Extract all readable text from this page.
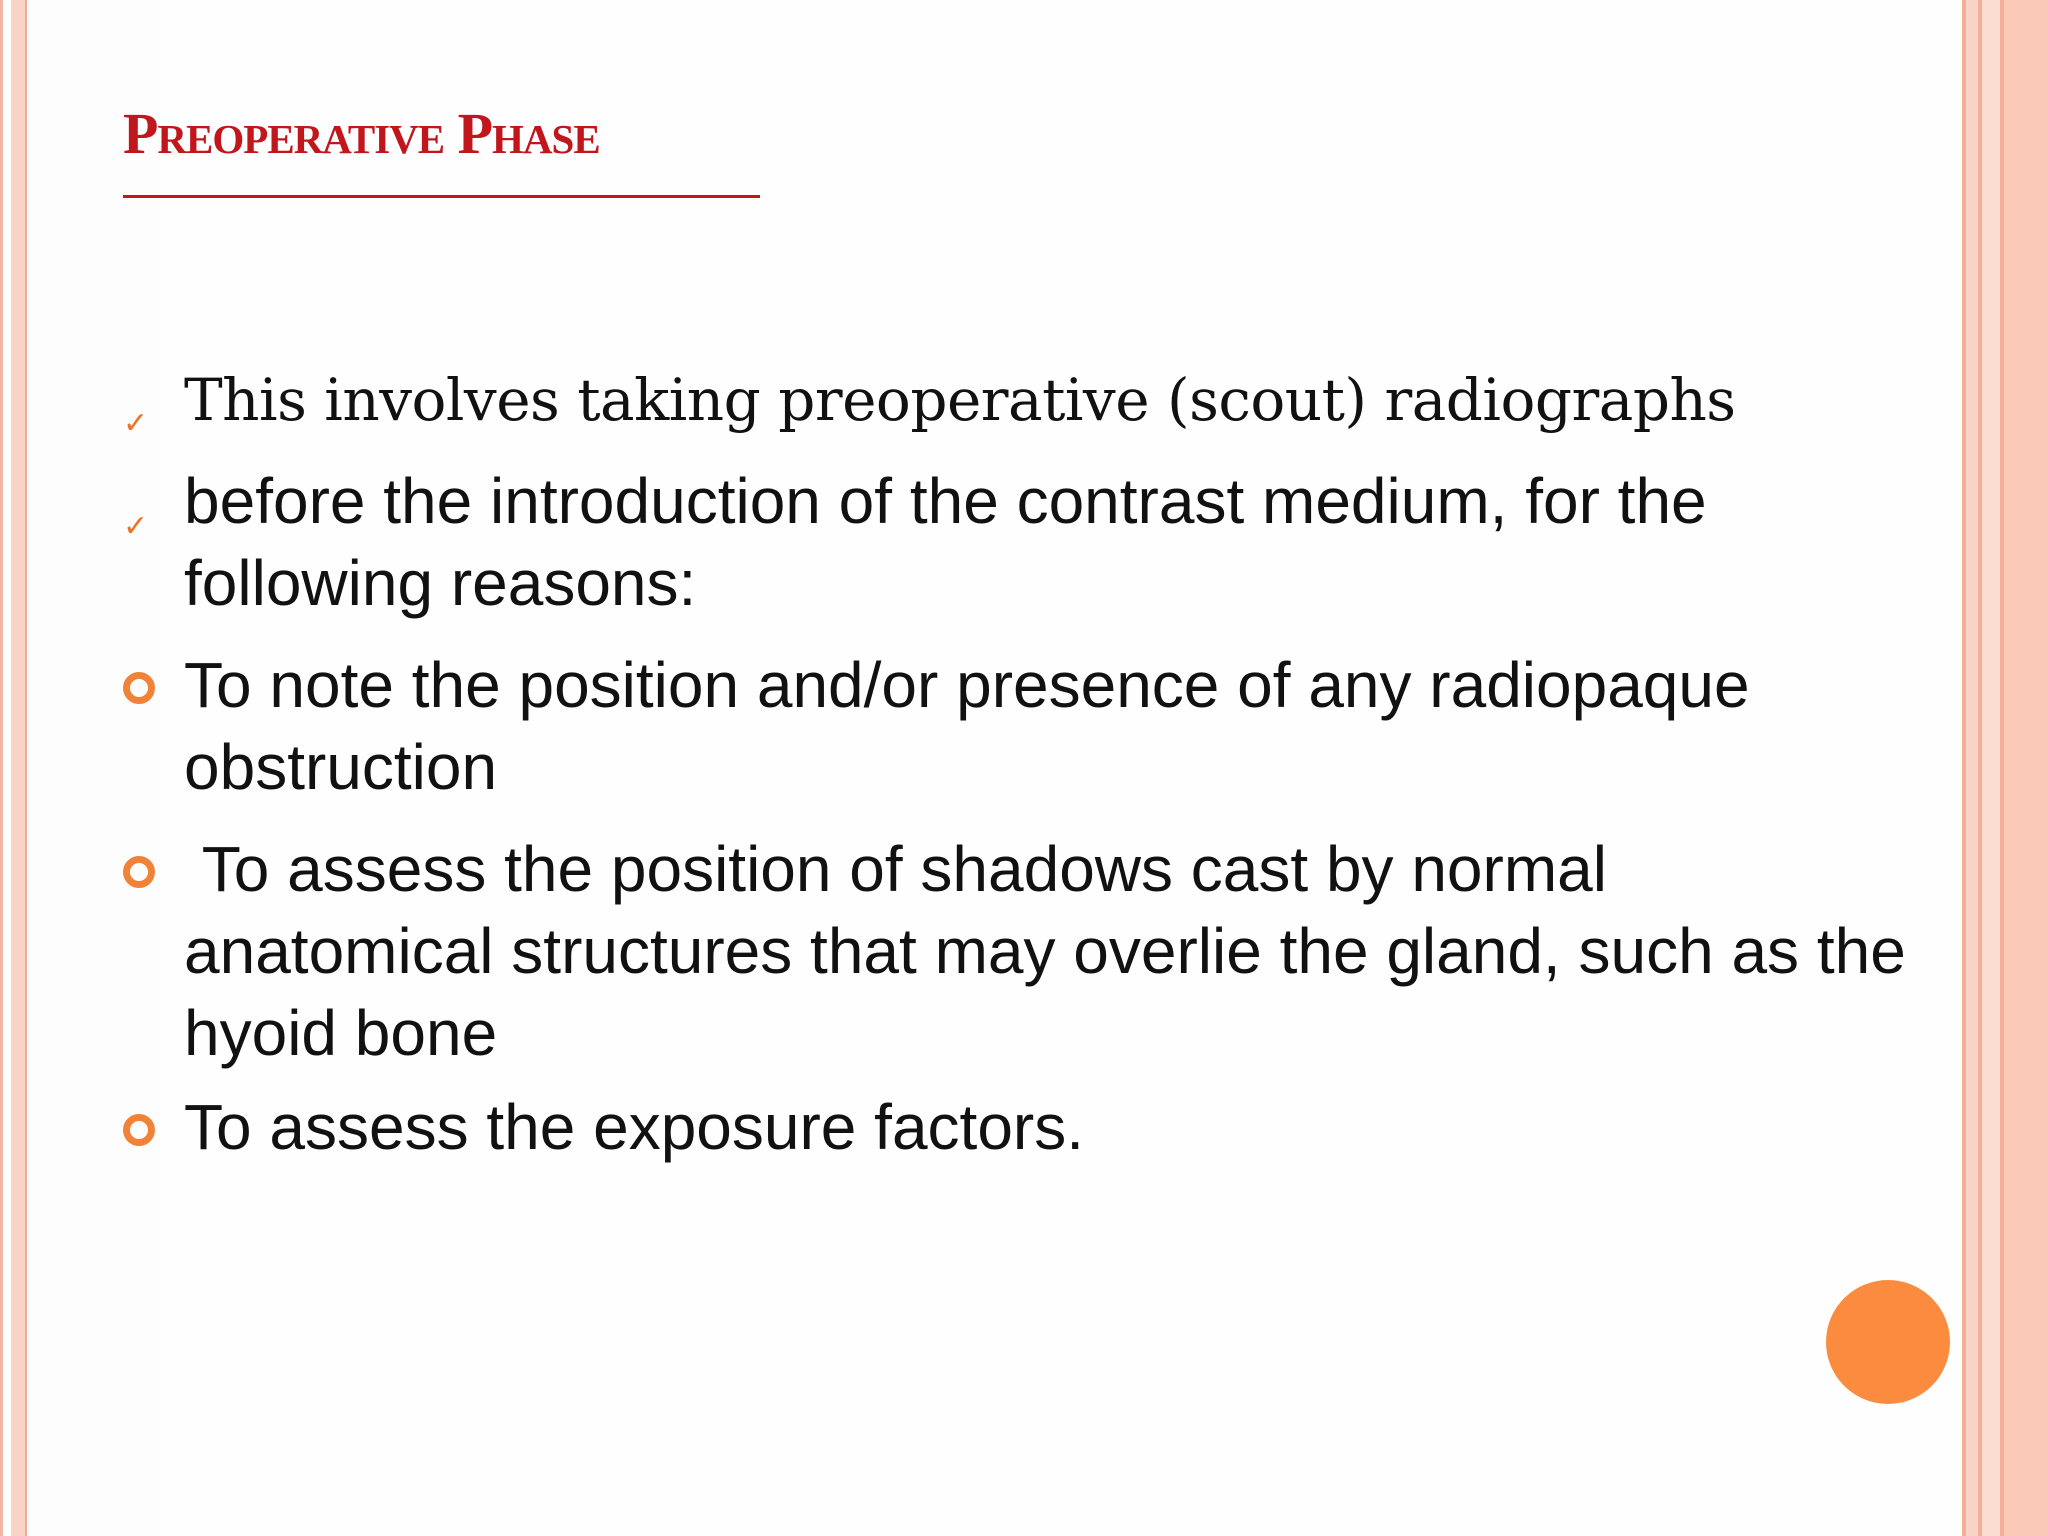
Preoperative Phase
✓ This involves taking preoperative (scout) radiographs
✓ before the introduction of the contrast medium, for the following reasons:
To note the position and/or presence of any radiopaque obstruction
To assess the position of shadows cast by normal anatomical structures that may overlie the gland, such as the hyoid bone
To assess the exposure factors.
